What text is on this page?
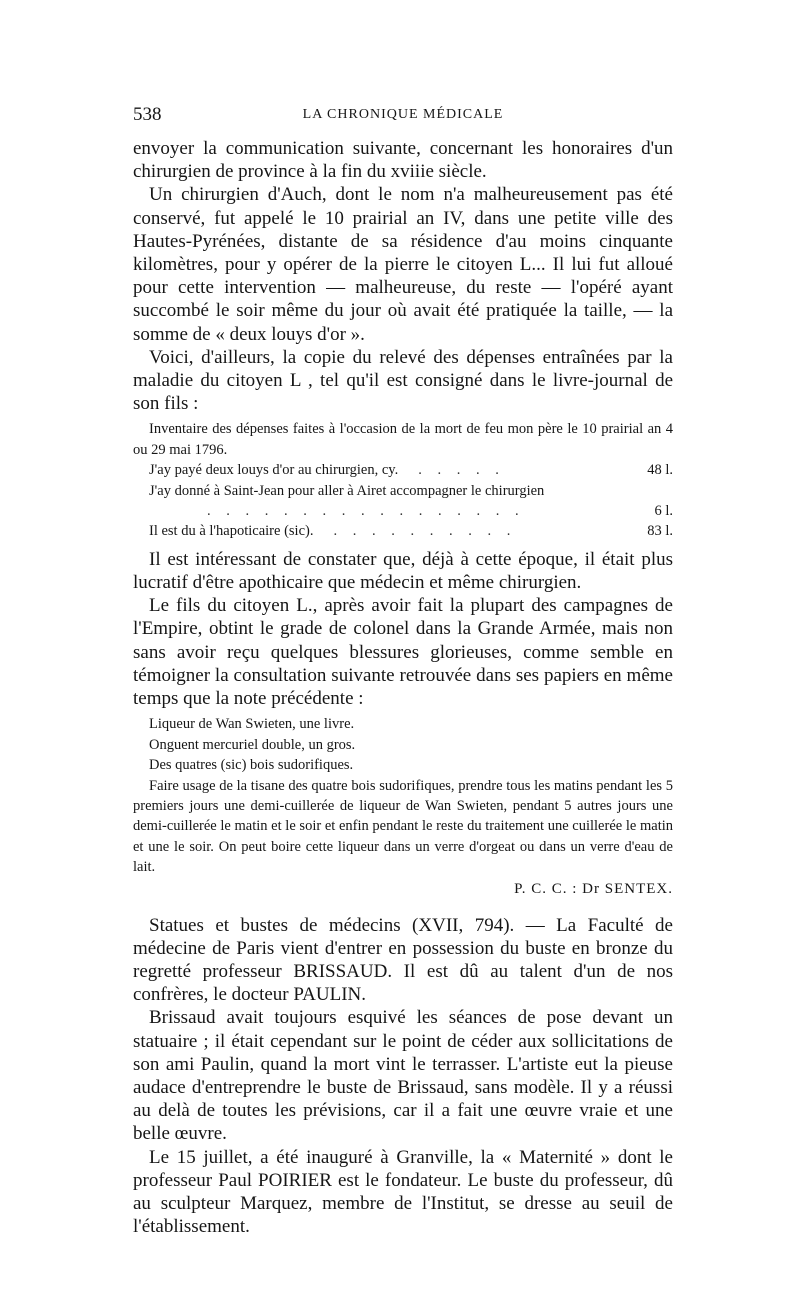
538	LA CHRONIQUE MÉDICALE

envoyer la communication suivante, concernant les honoraires d'un chirurgien de province à la fin du xviiie siècle.

Un chirurgien d'Auch, dont le nom n'a malheureusement pas été conservé, fut appelé le 10 prairial an IV, dans une petite ville des Hautes-Pyrénées, distante de sa résidence d'au moins cinquante kilomètres, pour y opérer de la pierre le citoyen L... Il lui fut alloué pour cette intervention — malheureuse, du reste — l'opéré ayant succombé le soir même du jour où avait été pratiquée la taille, — la somme de « deux louys d'or ».

Voici, d'ailleurs, la copie du relevé des dépenses entraînées par la maladie du citoyen L , tel qu'il est consigné dans le livre-journal de son fils :

Inventaire des dépenses faites à l'occasion de la mort de feu mon père le 10 prairial an 4 ou 29 mai 1796.

J'ay payé deux louys d'or au chirurgien, cy.	. . . . .	48 l.
J'ay donné à Saint-Jean pour aller à Airet accompagner le chirurgien
. . . . . . . . . . . . . . . . .	6 l.
Il est du à l'hapoticaire (sic).	. . . . . . . . . .	83 l.

Il est intéressant de constater que, déjà à cette époque, il était plus lucratif d'être apothicaire que médecin et même chirurgien.

Le fils du citoyen L., après avoir fait la plupart des campagnes de l'Empire, obtint le grade de colonel dans la Grande Armée, mais non sans avoir reçu quelques blessures glorieuses, comme semble en témoigner la consultation suivante retrouvée dans ses papiers en même temps que la note précédente :

Liqueur de Wan Swieten, une livre.

Onguent mercuriel double, un gros.

Des quatres (sic) bois sudorifiques.

Faire usage de la tisane des quatre bois sudorifiques, prendre tous les matins pendant les 5 premiers jours une demi-cuillerée de liqueur de Wan Swieten, pendant 5 autres jours une demi-cuillerée le matin et le soir et enfin pendant le reste du traitement une cuillerée le matin et une le soir. On peut boire cette liqueur dans un verre d'orgeat ou dans un verre d'eau de lait.

P. C. C. : Dr SENTEX.

Statues et bustes de médecins (XVII, 794). — La Faculté de médecine de Paris vient d'entrer en possession du buste en bronze du regretté professeur BRISSAUD. Il est dû au talent d'un de nos confrères, le docteur PAULIN.

Brissaud avait toujours esquivé les séances de pose devant un statuaire ; il était cependant sur le point de céder aux sollicitations de son ami Paulin, quand la mort vint le terrasser. L'artiste eut la pieuse audace d'entreprendre le buste de Brissaud, sans modèle. Il y a réussi au delà de toutes les prévisions, car il a fait une œuvre vraie et une belle œuvre.

Le 15 juillet, a été inauguré à Granville, la « Maternité » dont le professeur Paul POIRIER est le fondateur. Le buste du professeur, dû au sculpteur Marquez, membre de l'Institut, se dresse au seuil de l'établissement.
